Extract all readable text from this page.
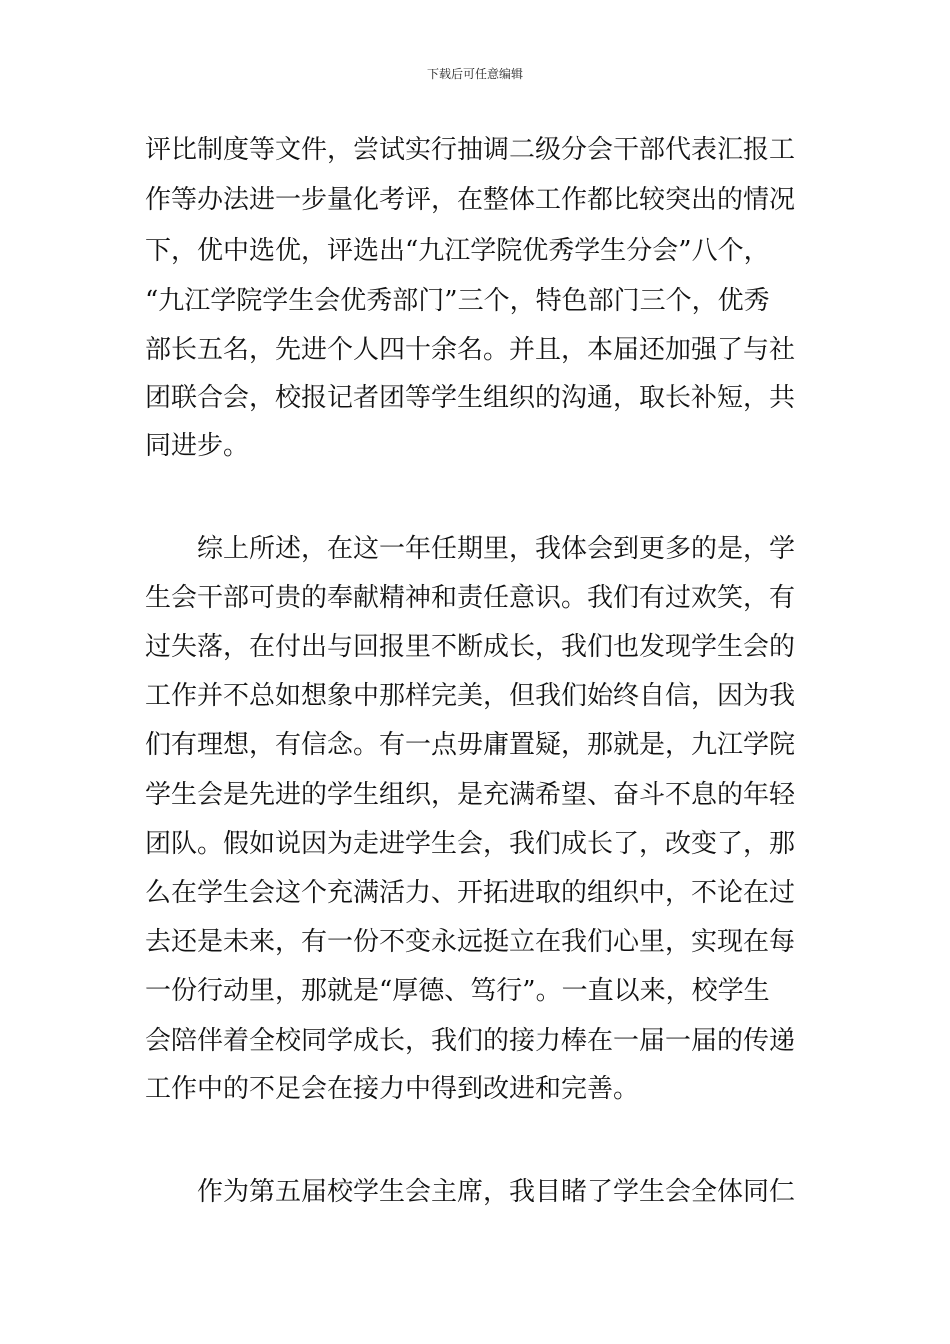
下载后可任意编辑
评比制度等文件，尝试实行抽调二级分会干部代表汇报工
作等办法进一步量化考评，在整体工作都比较突出的情况
下，优中选优，评选出“九江学院优秀学生分会”八个，
“九江学院学生会优秀部门”三个，特色部门三个，优秀
部长五名，先进个人四十余名。并且，本届还加强了与社
团联合会，校报记者团等学生组织的沟通，取长补短，共
同进步。
综上所述，在这一年任期里，我体会到更多的是，学
生会干部可贵的奉献精神和责任意识。我们有过欢笑，有
过失落，在付出与回报里不断成长，我们也发现学生会的
工作并不总如想象中那样完美，但我们始终自信，因为我
们有理想，有信念。有一点毋庸置疑，那就是，九江学院
学生会是先进的学生组织，是充满希望、奋斗不息的年轻
团队。假如说因为走进学生会，我们成长了，改变了，那
么在学生会这个充满活力、开拓进取的组织中，不论在过
去还是未来，有一份不变永远挺立在我们心里，实现在每
一份行动里，那就是“厚德、笃行”。一直以来，校学生
会陪伴着全校同学成长，我们的接力棒在一届一届的传递
工作中的不足会在接力中得到改进和完善。
作为第五届校学生会主席，我目睹了学生会全体同仁
